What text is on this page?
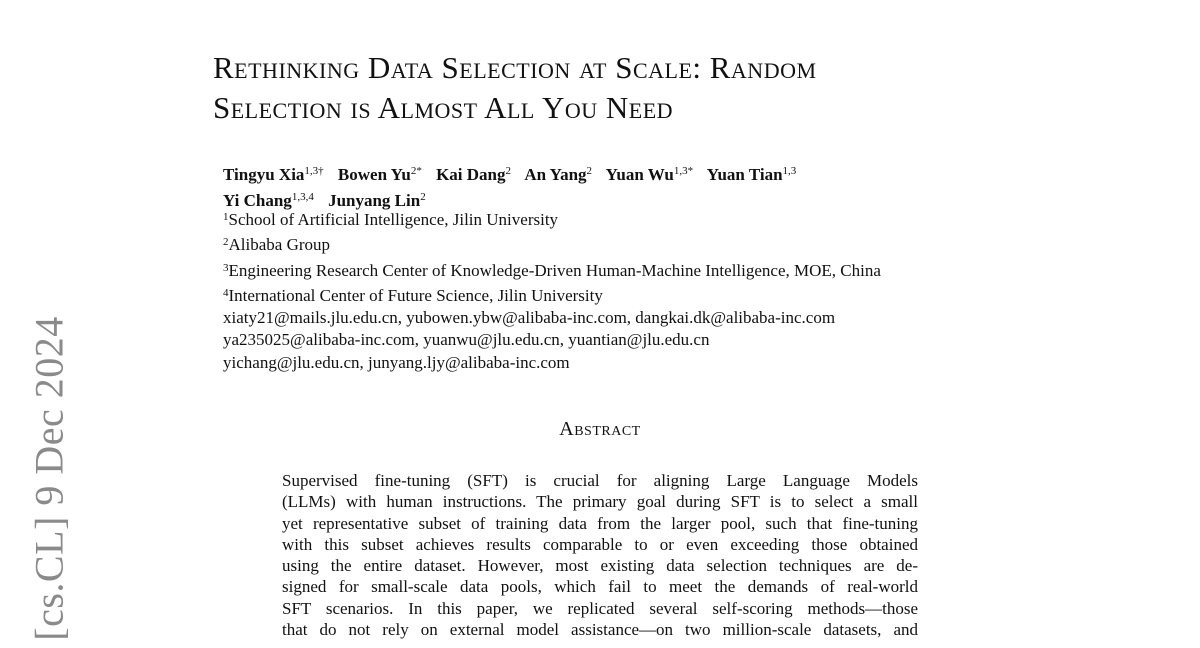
[cs.CL] 9 Dec 2024
Rethinking Data Selection at Scale: Random
Selection is Almost All You Need
Tingyu Xia$^{1,3\dagger}$ Bowen $Yu^{2*}$ Kai Dang$^2$ An Yang$^2$ Yuan $Wu^{1,3*}$ Yuan Tian$^{1,3}$
Yi Chang$^{1,3,4}$ Junyang Lin$^2$
$^1$School of Artificial Intelligence, Jilin University
$^2$Alibaba Group
$^3$Engineering Research Center of Knowledge-Driven Human-Machine Intelligence, MOE, China
$^4$International Center of Future Science, Jilin University
xiaty21@mails.jlu.edu.cn, yubowen.ybw@alibaba-inc.com, dangkai.dk@alibaba-inc.com
ya235025@alibaba-inc.com, yuanwu@jlu.edu.cn, yuantian@jlu.edu.cn
yichang@jlu.edu.cn, junyang.ljy@alibaba-inc.com
Abstract
Supervised fine-tuning (SFT) is crucial for aligning Large Language Models
(LLMs) with human instructions. The primary goal during SFT is to select a small
yet representative subset of training data from the larger pool, such that fine-tuning
with this subset achieves results comparable to or even exceeding those obtained
using the entire dataset. However, most existing data selection techniques are de-
signed for small-scale data pools, which fail to meet the demands of real-world
SFT scenarios. In this paper, we replicated several self-scoring methods—those
that do not rely on external model assistance—on two million-scale datasets, and
